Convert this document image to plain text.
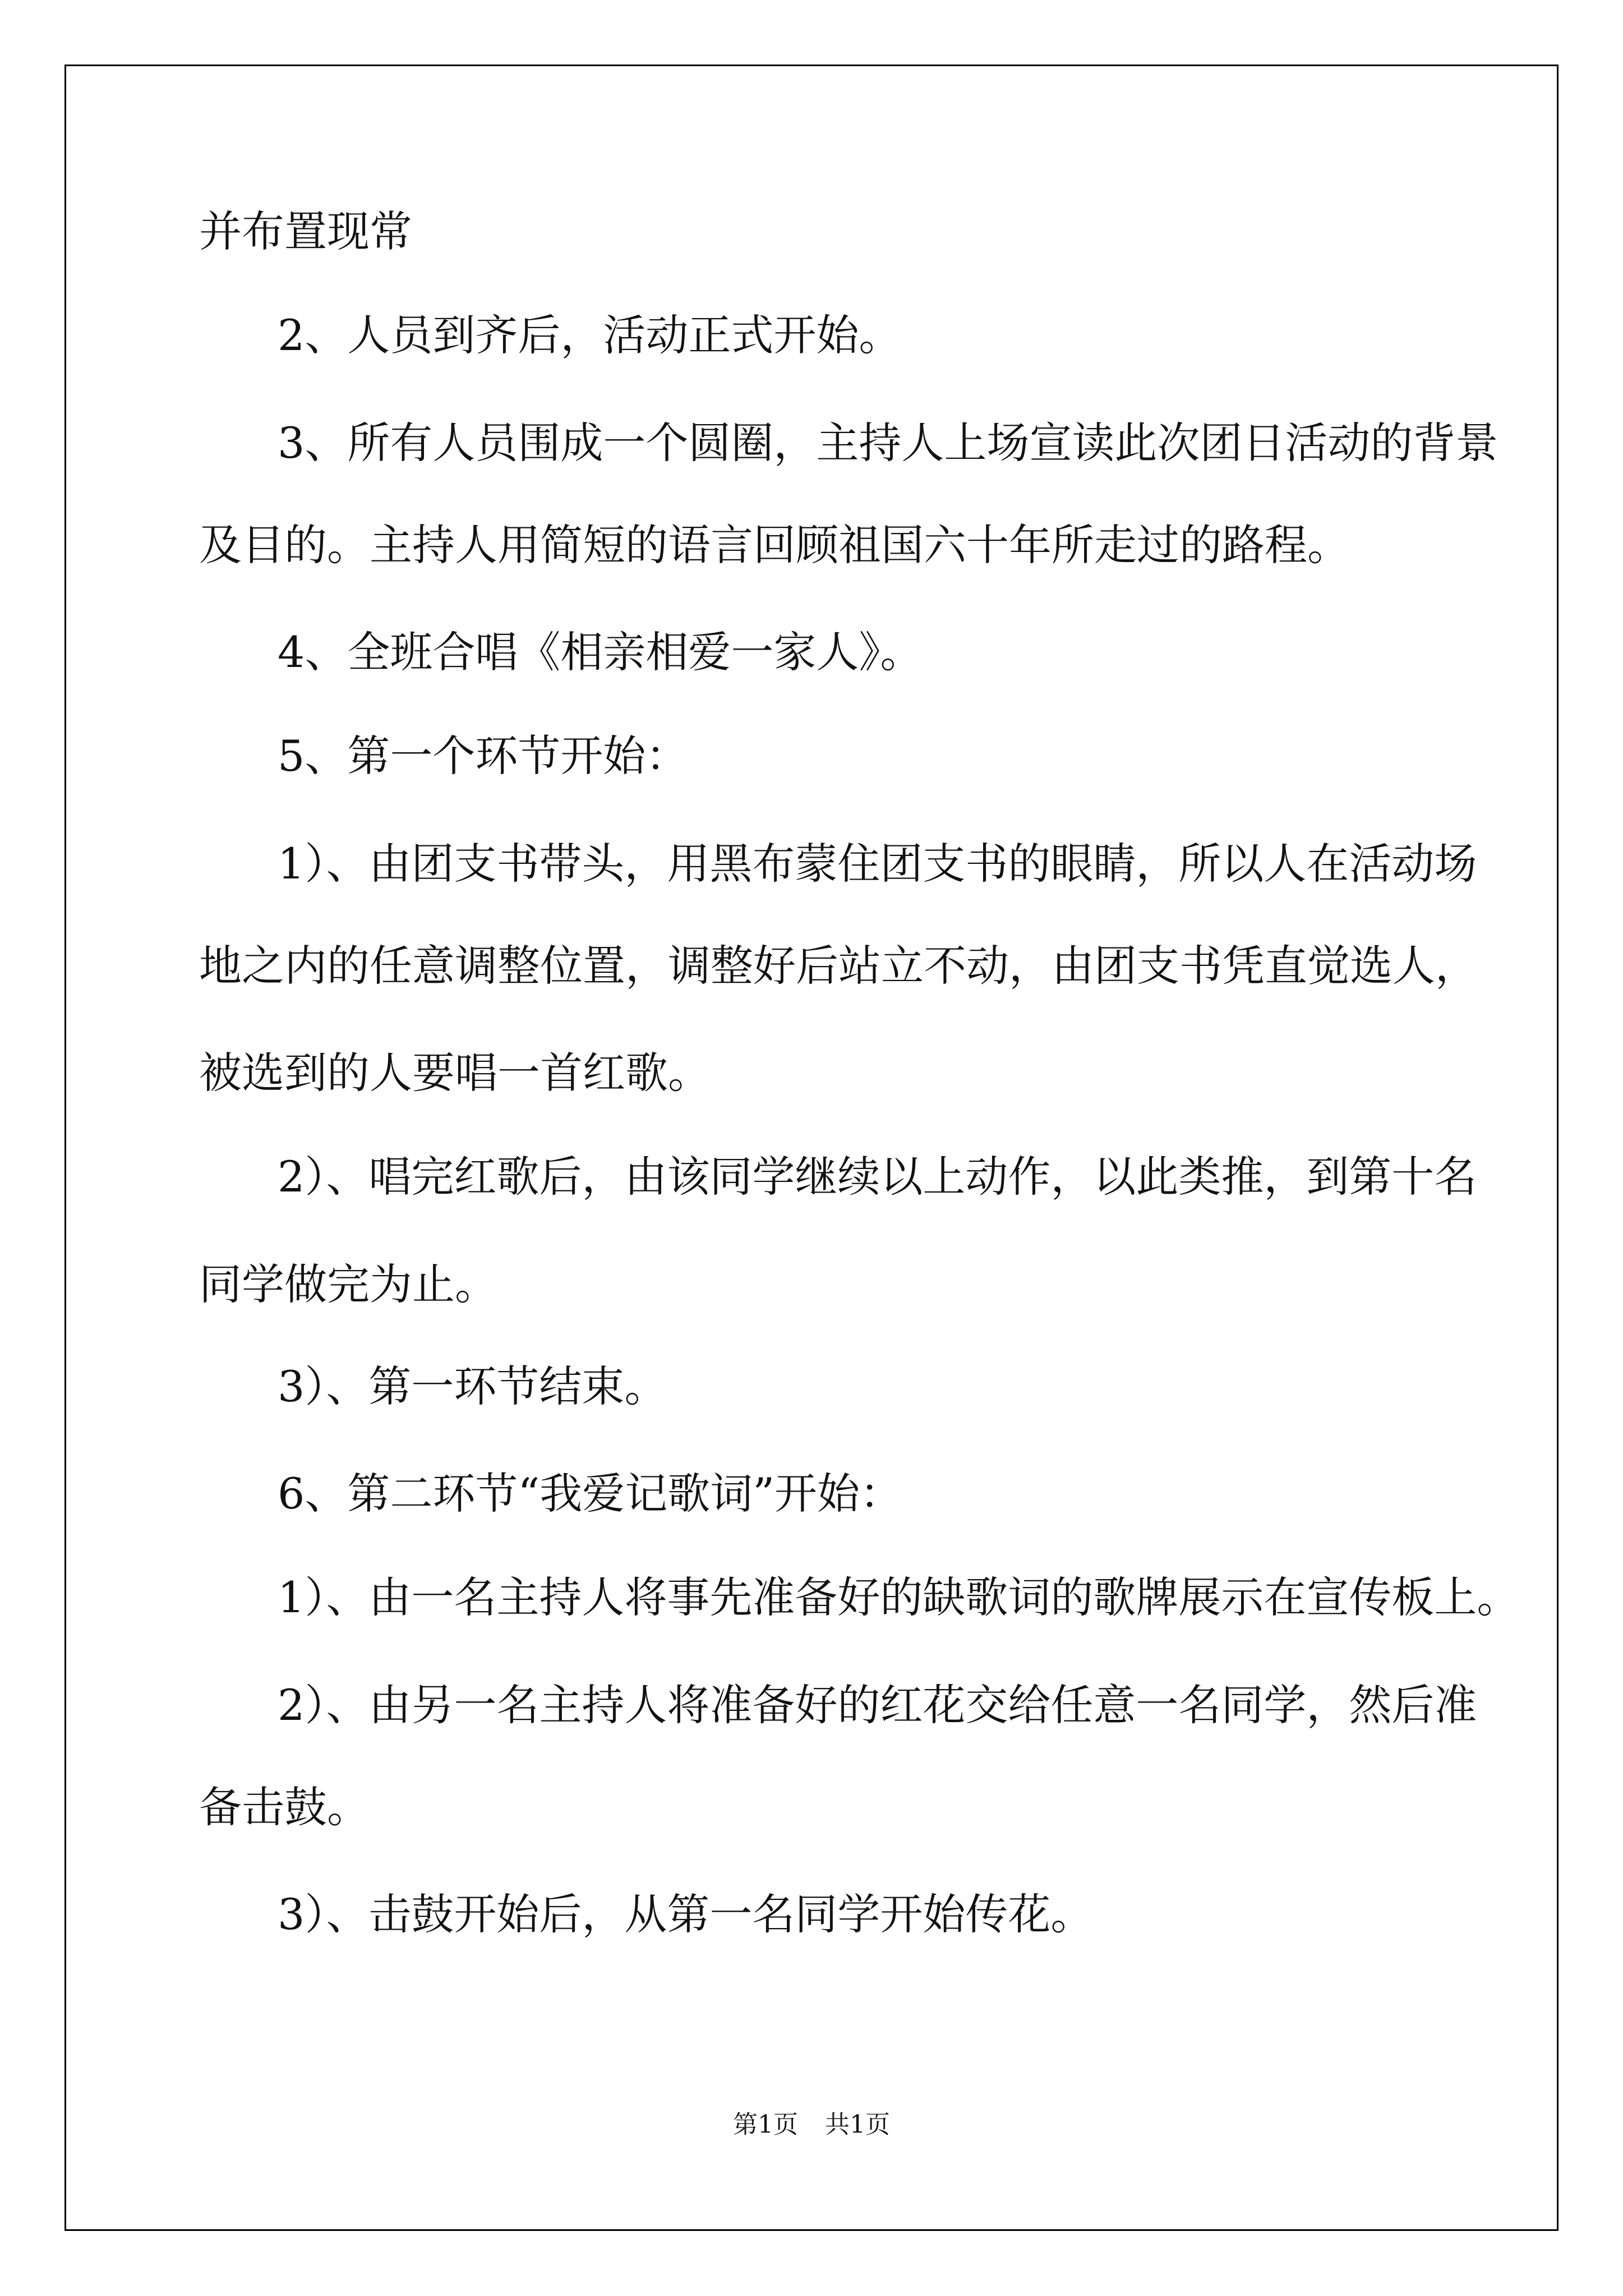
并布置现常

2、人员到齐后，活动正式开始。

3、所有人员围成一个圆圈，主持人上场宣读此次团日活动的背景

及目的。主持人用简短的语言回顾祖国六十年所走过的路程。

4、全班合唱《相亲相爱一家人》。

5、第一个环节开始：

1）、由团支书带头，用黑布蒙住团支书的眼睛，所以人在活动场

地之内的任意调整位置，调整好后站立不动，由团支书凭直觉选人，

被选到的人要唱一首红歌。

2）、唱完红歌后，由该同学继续以上动作，以此类推，到第十名

同学做完为止。

3）、第一环节结束。

6、第二环节“我爱记歌词”开始：

1）、由一名主持人将事先准备好的缺歌词的歌牌展示在宣传板上。

2）、由另一名主持人将准备好的红花交给任意一名同学，然后准

备击鼓。

3）、击鼓开始后，从第一名同学开始传花。

第1页 共1页
